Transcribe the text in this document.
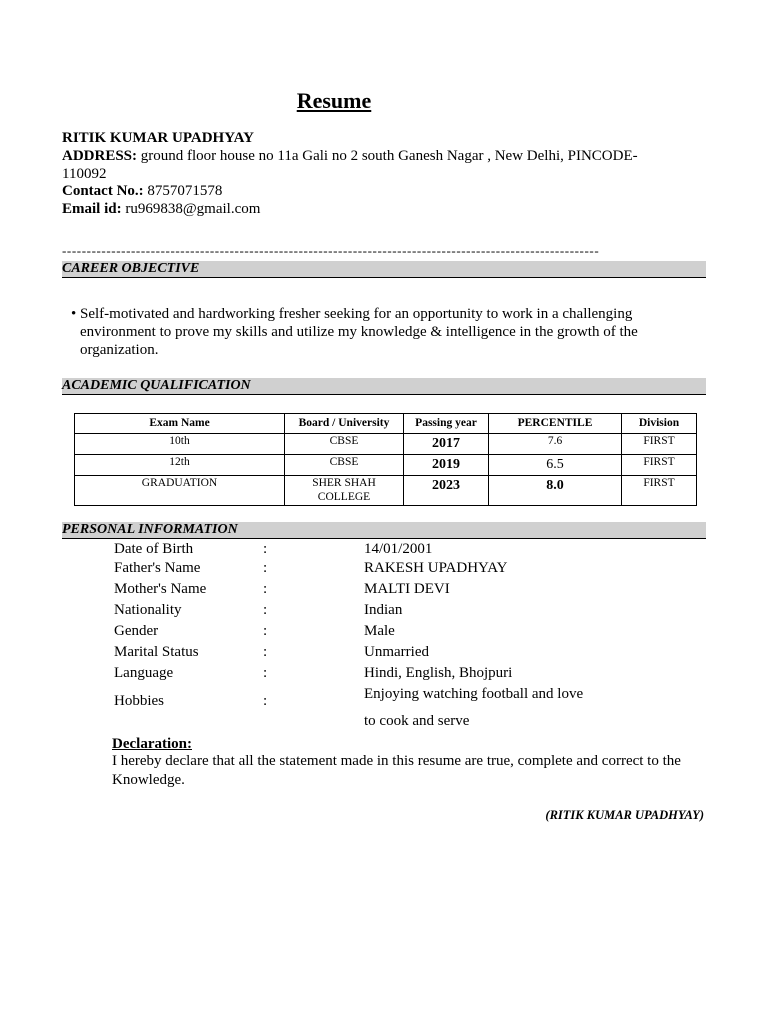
Resume
RITIK KUMAR UPADHYAY
ADDRESS: ground floor house no 11a Gali no 2 south Ganesh Nagar , New Delhi, PINCODE-
110092
Contact No.: 8757071578
Email id: ru969838@gmail.com
-------------------------------------------------------------------------------------------------------------
CAREER OBJECTIVE
• Self-motivated and hardworking fresher seeking for an opportunity to work in a challenging environment to prove my skills and utilize my knowledge & intelligence in the growth of the organization.
ACADEMIC QUALIFICATION
Exam Name	Board / University	Passing year	PERCENTILE	Division
10th	CBSE	2017	7.6	FIRST
12th	CBSE	2019	6.5	FIRST
GRADUATION	SHER SHAH COLLEGE	2023	8.0	FIRST
PERSONAL INFORMATION
Date of Birth	:	14/01/2001
Father's Name	:	RAKESH UPADHYAY
Mother's Name	:	MALTI DEVI
Nationality	:	Indian
Gender	:	Male
Marital Status	:	Unmarried
Language	:	Hindi, English, Bhojpuri
Hobbies	:	Enjoying watching football and love
to cook and serve
Declaration:
I hereby declare that all the statement made in this resume are true, complete and correct to the Knowledge.
(RITIK KUMAR UPADHYAY)
